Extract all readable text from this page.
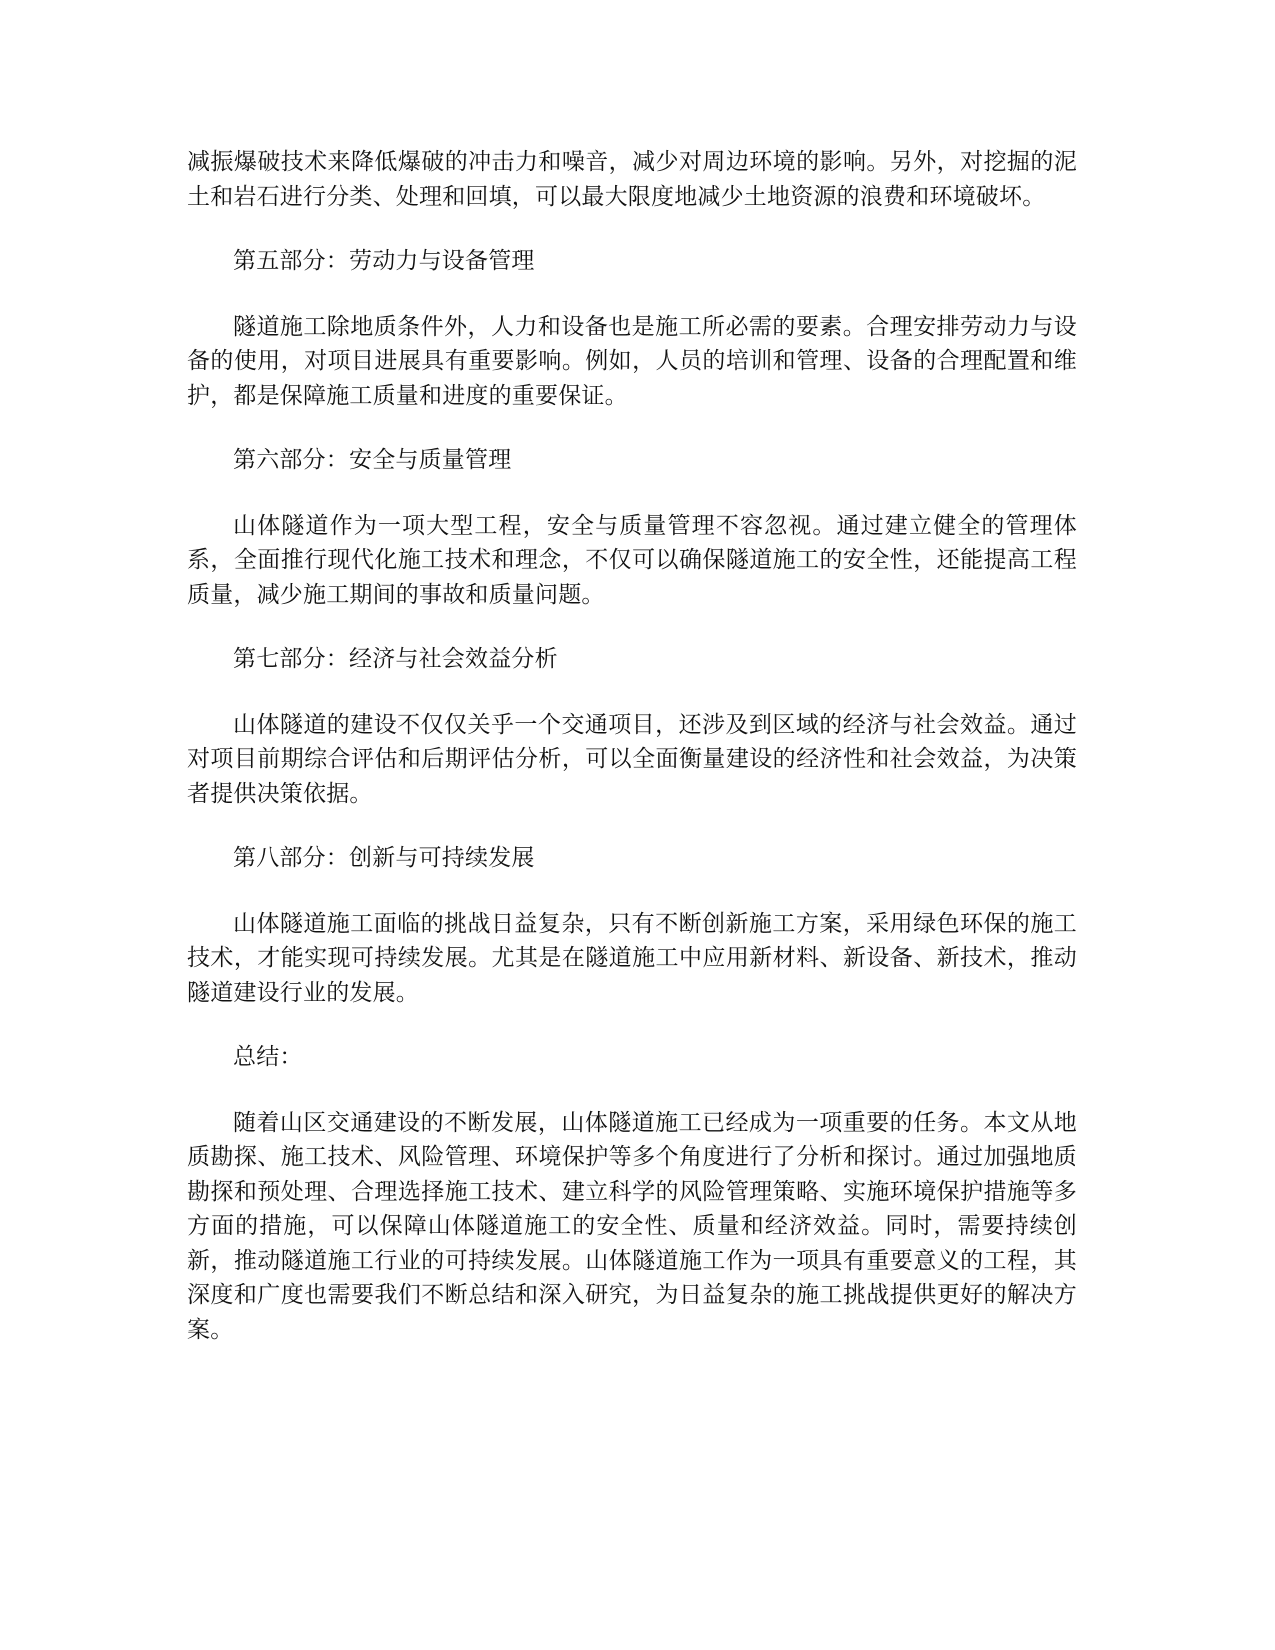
减振爆破技术来降低爆破的冲击力和噪音，减少对周边环境的影响。另外，对挖掘的泥土和岩石进行分类、处理和回填，可以最大限度地减少土地资源的浪费和环境破坏。

第五部分：劳动力与设备管理

隧道施工除地质条件外，人力和设备也是施工所必需的要素。合理安排劳动力与设备的使用，对项目进展具有重要影响。例如，人员的培训和管理、设备的合理配置和维护，都是保障施工质量和进度的重要保证。

第六部分：安全与质量管理

山体隧道作为一项大型工程，安全与质量管理不容忽视。通过建立健全的管理体系，全面推行现代化施工技术和理念，不仅可以确保隧道施工的安全性，还能提高工程质量，减少施工期间的事故和质量问题。

第七部分：经济与社会效益分析

山体隧道的建设不仅仅关乎一个交通项目，还涉及到区域的经济与社会效益。通过对项目前期综合评估和后期评估分析，可以全面衡量建设的经济性和社会效益，为决策者提供决策依据。

第八部分：创新与可持续发展

山体隧道施工面临的挑战日益复杂，只有不断创新施工方案，采用绿色环保的施工技术，才能实现可持续发展。尤其是在隧道施工中应用新材料、新设备、新技术，推动隧道建设行业的发展。

总结：

随着山区交通建设的不断发展，山体隧道施工已经成为一项重要的任务。本文从地质勘探、施工技术、风险管理、环境保护等多个角度进行了分析和探讨。通过加强地质勘探和预处理、合理选择施工技术、建立科学的风险管理策略、实施环境保护措施等多方面的措施，可以保障山体隧道施工的安全性、质量和经济效益。同时，需要持续创新，推动隧道施工行业的可持续发展。山体隧道施工作为一项具有重要意义的工程，其深度和广度也需要我们不断总结和深入研究，为日益复杂的施工挑战提供更好的解决方案。
